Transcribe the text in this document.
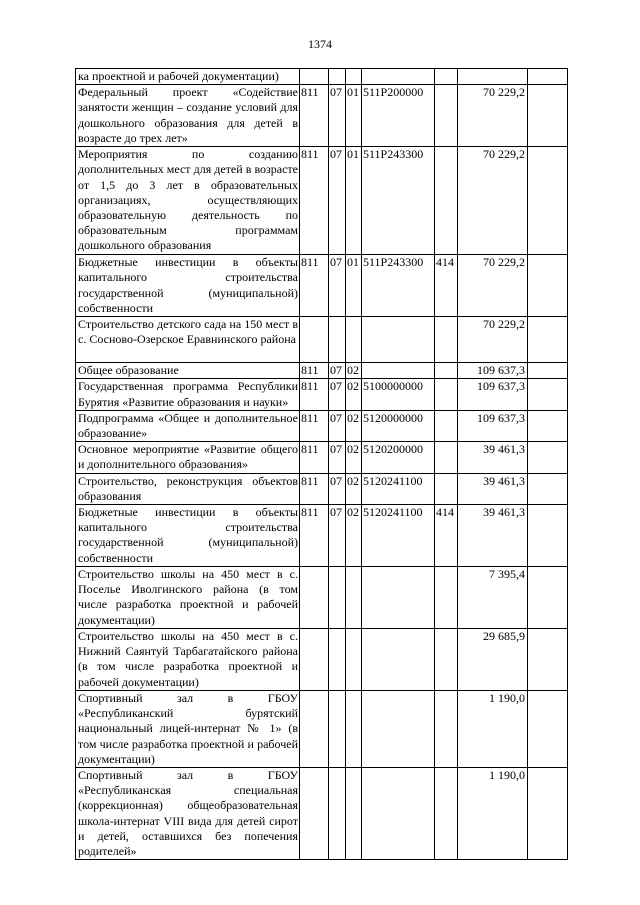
1374
ка проектной и рабочей документации)							
Федеральный проект «Содействие занятости женщин – создание условий для дошкольного образования для детей в возрасте до трех лет»	811	07	01	511P200000		70 229,2	
Мероприятия по созданию дополнительных мест для детей в возрасте от 1,5 до 3 лет в образовательных организациях, осуществляющих образовательную деятельность по образовательным программам дошкольного образования	811	07	01	511P243300		70 229,2	
Бюджетные инвестиции в объекты капитального строительства государственной (муниципальной) собственности	811	07	01	511P243300	414	70 229,2	
Строительство детского сада на 150 мест в с. Сосново-Озерское Еравнинского района						70 229,2	
Общее образование	811	07	02			109 637,3	
Государственная программа Республики Бурятия «Развитие образования и науки»	811	07	02	5100000000		109 637,3	
Подпрограмма «Общее и дополнительное образование»	811	07	02	5120000000		109 637,3	
Основное мероприятие «Развитие общего и дополнительного образования»	811	07	02	5120200000		39 461,3	
Строительство, реконструкция объектов образования	811	07	02	5120241100		39 461,3	
Бюджетные инвестиции в объекты капитального строительства государственной (муниципальной) собственности	811	07	02	5120241100	414	39 461,3	
Строительство школы на 450 мест в с. Поселье Иволгинского района (в том числе разработка проектной и рабочей документации)						7 395,4	
Строительство школы на 450 мест в с. Нижний Саянтуй Тарбагатайского района (в том числе разработка проектной и рабочей документации)						29 685,9	
Спортивный зал в ГБОУ «Республиканский бурятский национальный лицей-интернат № 1» (в том числе разработка проектной и рабочей документации)						1 190,0	
Спортивный зал в ГБОУ «Республиканская специальная (коррекционная) общеобразовательная школа-интернат VIII вида для детей сирот и детей, оставшихся без попечения родителей»						1 190,0	
